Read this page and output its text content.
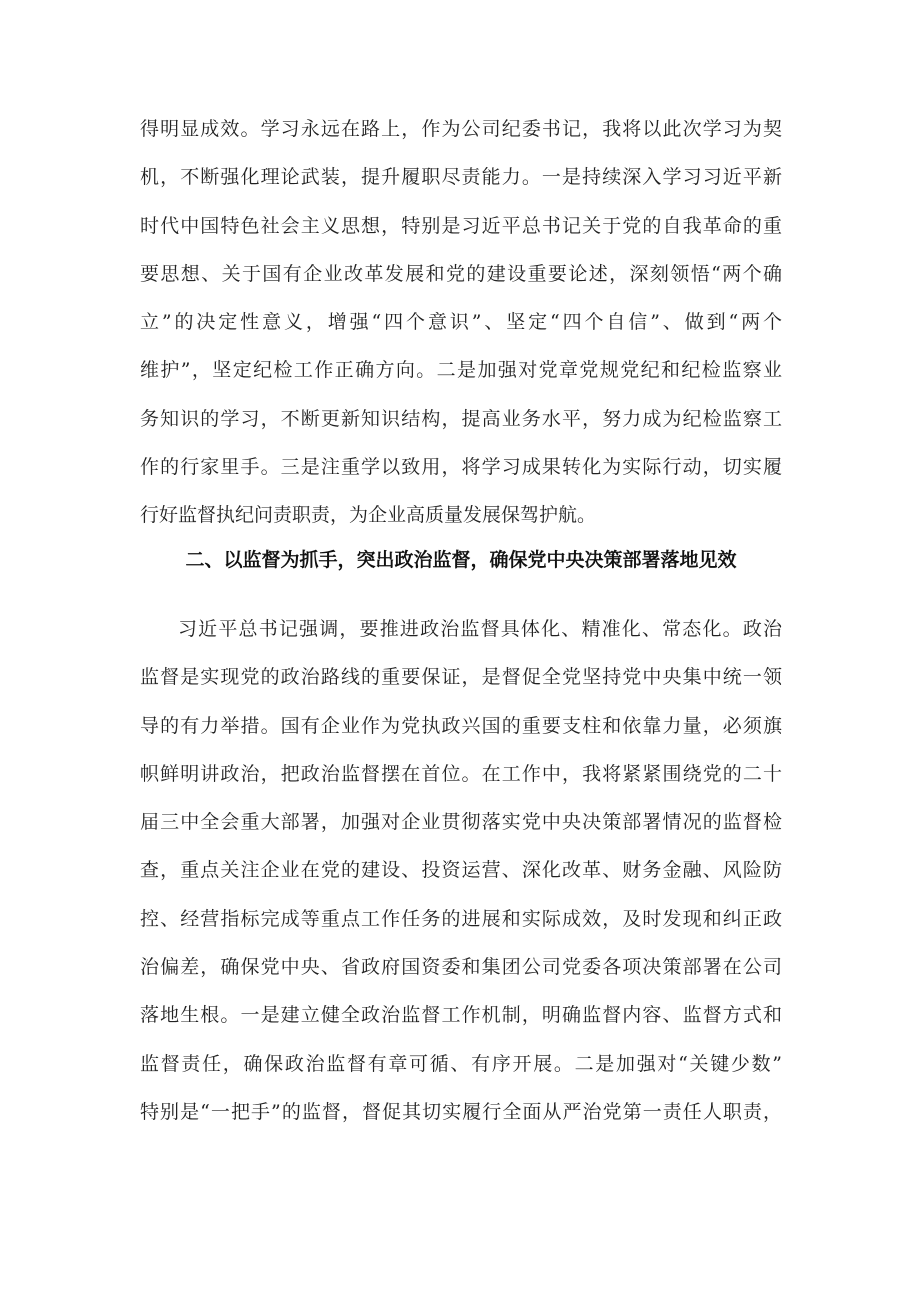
得明显成效。学习永远在路上，作为公司纪委书记，我将以此次学习为契
机，不断强化理论武装，提升履职尽责能力。一是持续深入学习习近平新
时代中国特色社会主义思想，特别是习近平总书记关于党的自我革命的重
要思想、关于国有企业改革发展和党的建设重要论述，深刻领悟“两个确
立”的决定性意义，增强“四个意识”、坚定“四个自信”、做到“两个
维护”，坚定纪检工作正确方向。二是加强对党章党规党纪和纪检监察业
务知识的学习，不断更新知识结构，提高业务水平，努力成为纪检监察工
作的行家里手。三是注重学以致用，将学习成果转化为实际行动，切实履
行好监督执纪问责职责，为企业高质量发展保驾护航。
二、以监督为抓手，突出政治监督，确保党中央决策部署落地见效
习近平总书记强调，要推进政治监督具体化、精准化、常态化。政治
监督是实现党的政治路线的重要保证，是督促全党坚持党中央集中统一领
导的有力举措。国有企业作为党执政兴国的重要支柱和依靠力量，必须旗
帜鲜明讲政治，把政治监督摆在首位。在工作中，我将紧紧围绕党的二十
届三中全会重大部署，加强对企业贯彻落实党中央决策部署情况的监督检
查，重点关注企业在党的建设、投资运营、深化改革、财务金融、风险防
控、经营指标完成等重点工作任务的进展和实际成效，及时发现和纠正政
治偏差，确保党中央、省政府国资委和集团公司党委各项决策部署在公司
落地生根。一是建立健全政治监督工作机制，明确监督内容、监督方式和
监督责任，确保政治监督有章可循、有序开展。二是加强对“关键少数”
特别是“一把手”的监督，督促其切实履行全面从严治党第一责任人职责，
